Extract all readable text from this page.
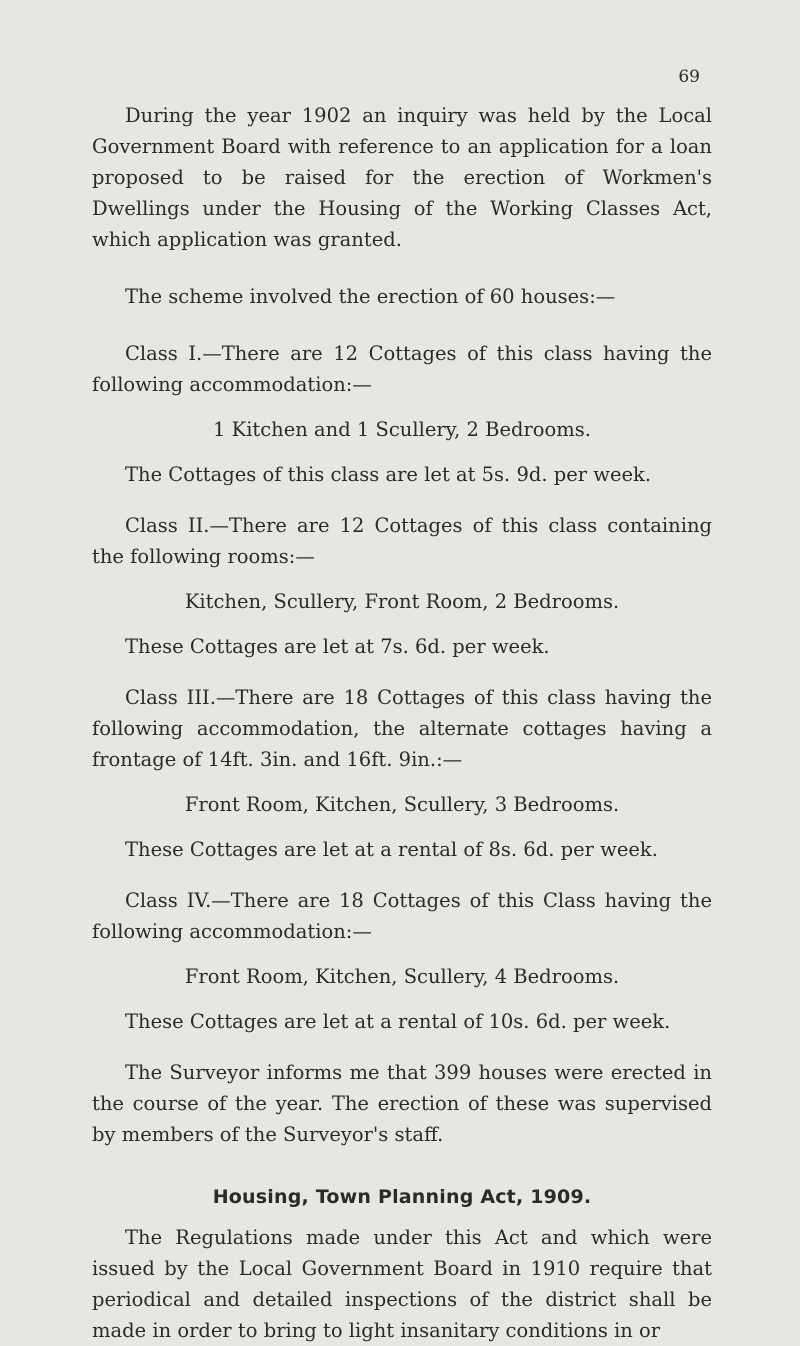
69

During the year 1902 an inquiry was held by the Local Government Board with reference to an application for a loan proposed to be raised for the erection of Workmen's Dwellings under the Housing of the Working Classes Act, which application was granted.

The scheme involved the erection of 60 houses:—

Class I.—There are 12 Cottages of this class having the following accommodation:—

1 Kitchen and 1 Scullery, 2 Bedrooms.

The Cottages of this class are let at 5s. 9d. per week.

Class II.—There are 12 Cottages of this class containing the following rooms:—

Kitchen, Scullery, Front Room, 2 Bedrooms.

These Cottages are let at 7s. 6d. per week.

Class III.—There are 18 Cottages of this class having the following accommodation, the alternate cottages having a frontage of 14ft. 3in. and 16ft. 9in.:—

Front Room, Kitchen, Scullery, 3 Bedrooms.

These Cottages are let at a rental of 8s. 6d. per week.

Class IV.—There are 18 Cottages of this Class having the following accommodation:—

Front Room, Kitchen, Scullery, 4 Bedrooms.

These Cottages are let at a rental of 10s. 6d. per week.

The Surveyor informs me that 399 houses were erected in the course of the year. The erection of these was supervised by members of the Surveyor's staff.

Housing, Town Planning Act, 1909.

The Regulations made under this Act and which were issued by the Local Government Board in 1910 require that periodical and detailed inspections of the district shall be made in order to bring to light insanitary conditions in or
